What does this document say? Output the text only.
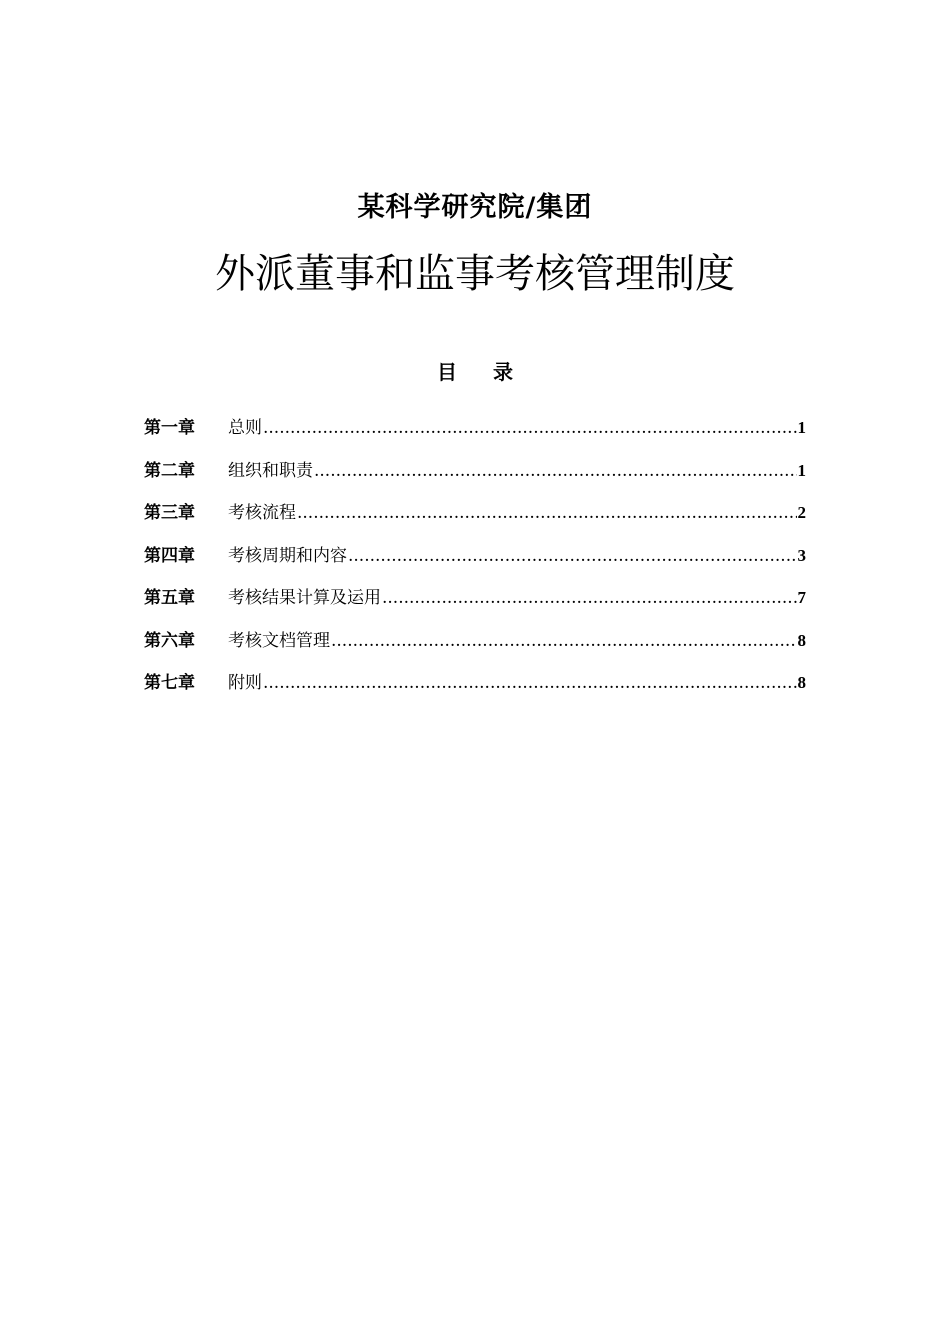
某科学研究院/集团
外派董事和监事考核管理制度
目录
第一章	总则 .....	1
第二章	组织和职责 .....	1
第三章	考核流程 .....	2
第四章	考核周期和内容 .....	3
第五章	考核结果计算及运用 .....	7
第六章	考核文档管理 .....	8
第七章	附则 .....	8
